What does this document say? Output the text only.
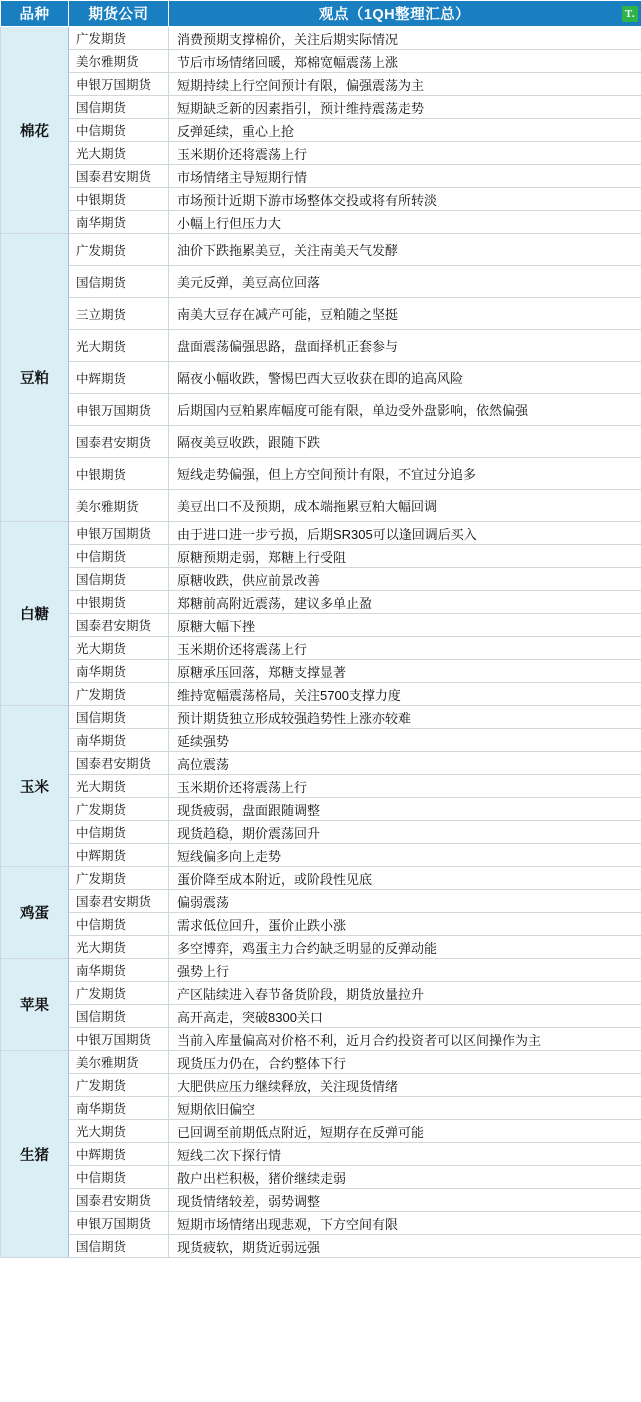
品种	期货公司	观点（1QH整理汇总） T.

棉花	广发期货	消费预期支撑棉价，关注后期实际情况
	美尔雅期货	节后市场情绪回暖，郑棉宽幅震荡上涨
	申银万国期货	短期持续上行空间预计有限，偏强震荡为主
	国信期货	短期缺乏新的因素指引，预计维持震荡走势
	中信期货	反弹延续，重心上抢
	光大期货	玉米期价还将震荡上行
	国泰君安期货	市场情绪主导短期行情
	中银期货	市场预计近期下游市场整体交投或将有所转淡
	南华期货	小幅上行但压力大
豆粕	广发期货	油价下跌拖累美豆，关注南美天气发酵
	国信期货	美元反弹，美豆高位回落
	三立期货	南美大豆存在减产可能，豆粕随之坚挺
	光大期货	盘面震荡偏强思路，盘面择机正套参与
	中辉期货	隔夜小幅收跌，警惕巴西大豆收获在即的追高风险
	申银万国期货	后期国内豆粕累库幅度可能有限，单边受外盘影响，依然偏强
	国泰君安期货	隔夜美豆收跌，跟随下跌
	中银期货	短线走势偏强，但上方空间预计有限，不宜过分追多
	美尔雅期货	美豆出口不及预期，成本端拖累豆粕大幅回调
白糖	申银万国期货	由于进口进一步亏损，后期SR305可以逢回调后买入
	中信期货	原糖预期走弱，郑糖上行受阻
	国信期货	原糖收跌，供应前景改善
	中银期货	郑糖前高附近震荡，建议多单止盈
	国泰君安期货	原糖大幅下挫
	光大期货	玉米期价还将震荡上行
	南华期货	原糖承压回落，郑糖支撑显著
	广发期货	维持宽幅震荡格局，关注5700支撑力度
玉米	国信期货	预计期货独立形成较强趋势性上涨亦较难
	南华期货	延续强势
	国泰君安期货	高位震荡
	光大期货	玉米期价还将震荡上行
	广发期货	现货疲弱，盘面跟随调整
	中信期货	现货趋稳，期价震荡回升
	中辉期货	短线偏多向上走势
鸡蛋	广发期货	蛋价降至成本附近，或阶段性见底
	国泰君安期货	偏弱震荡
	中信期货	需求低位回升，蛋价止跌小涨
	光大期货	多空博弈，鸡蛋主力合约缺乏明显的反弹动能
苹果	南华期货	强势上行
	广发期货	产区陆续进入春节备货阶段，期货放量拉升
	国信期货	高开高走，突破8300关口
	中银万国期货	当前入库量偏高对价格不利，近月合约投资者可以区间操作为主
生猪	美尔雅期货	现货压力仍在，合约整体下行
	广发期货	大肥供应压力继续释放，关注现货情绪
	南华期货	短期依旧偏空
	光大期货	已回调至前期低点附近，短期存在反弹可能
	中辉期货	短线二次下探行情
	中信期货	散户出栏积极，猪价继续走弱
	国泰君安期货	现货情绪较差，弱势调整
	申银万国期货	短期市场情绪出现悲观，下方空间有限
	国信期货	现货疲软，期货近弱远强
